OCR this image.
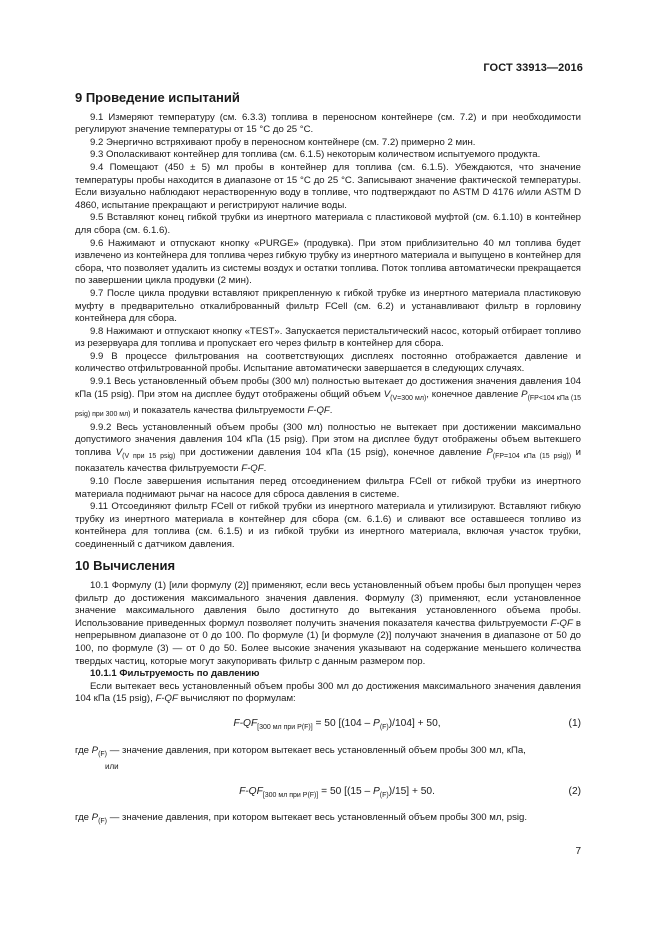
ГОСТ 33913—2016
9 Проведение испытаний

9.1 Измеряют температуру (см. 6.3.3) топлива в переносном контейнере (см. 7.2) и при необходимости регулируют значение температуры от 15 °С до 25 °С.

9.2 Энергично встряхивают пробу в переносном контейнере (см. 7.2) примерно 2 мин.

9.3 Ополаскивают контейнер для топлива (см. 6.1.5) некоторым количеством испытуемого продукта.

9.4 Помещают (450 ± 5) мл пробы в контейнер для топлива (см. 6.1.5). Убеждаются, что значение температуры пробы находится в диапазоне от 15 °С до 25 °С. Записывают значение фактической температуры. Если визуально наблюдают нерастворенную воду в топливе, что подтверждают по ASTM D 4176 и/или ASTM D 4860, испытание прекращают и регистрируют наличие воды.

9.5 Вставляют конец гибкой трубки из инертного материала с пластиковой муфтой (см. 6.1.10) в контейнер для сбора (см. 6.1.6).

9.6 Нажимают и отпускают кнопку «PURGE» (продувка). При этом приблизительно 40 мл топлива будет извлечено из контейнера для топлива через гибкую трубку из инертного материала и выпущено в контейнер для сбора, что позволяет удалить из системы воздух и остатки топлива. Поток топлива автоматически прекращается по завершении цикла продувки (2 мин).

9.7 После цикла продувки вставляют прикрепленную к гибкой трубке из инертного материала пластиковую муфту в предварительно откалиброванный фильтр FCell (см. 6.2) и устанавливают фильтр в горловину контейнера для сбора.

9.8 Нажимают и отпускают кнопку «TEST». Запускается перистальтический насос, который отбирает топливо из резервуара для топлива и пропускает его через фильтр в контейнер для сбора.

9.9 В процессе фильтрования на соответствующих дисплеях постоянно отображается давление и количество отфильтрованной пробы. Испытание автоматически завершается в следующих случаях.

9.9.1 Весь установленный объем пробы (300 мл) полностью вытекает до достижения значения давления 104 кПа (15 psig). При этом на дисплее будут отображены общий объем $V_{(V=300 мл)}$, конечное давление $P_{(FP<104 кПа (15 psig) при 300 мл)}$ и показатель качества фильтруемости F-QF.

9.9.2 Весь установленный объем пробы (300 мл) полностью не вытекает при достижении максимально допустимого значения давления 104 кПа (15 psig). При этом на дисплее будут отображены объем вытекшего топлива $V_{(V при 15 psig)}$ при достижении давления 104 кПа (15 psig), конечное давление $P_{(FP=104 кПа (15 psig))}$ и показатель качества фильтруемости F-QF.

9.10 После завершения испытания перед отсоединением фильтра FCell от гибкой трубки из инертного материала поднимают рычаг на насосе для сброса давления в системе.

9.11 Отсоединяют фильтр FCell от гибкой трубки из инертного материала и утилизируют. Вставляют гибкую трубку из инертного материала в контейнер для сбора (см. 6.1.6) и сливают все оставшееся топливо из контейнера для топлива (см. 6.1.5) и из гибкой трубки из инертного материала, включая участок трубки, соединенный с датчиком давления.

10 Вычисления

10.1 Формулу (1) [или формулу (2)] применяют, если весь установленный объем пробы был пропущен через фильтр до достижения максимального значения давления. Формулу (3) применяют, если установленное значение максимального давления было достигнуто до вытекания установленного объема пробы. Использование приведенных формул позволяет получить значения показателя качества фильтруемости F-QF в непрерывном диапазоне от 0 до 100. По формуле (1) [и формуле (2)] получают значения в диапазоне от 50 до 100, по формуле (3) — от 0 до 50. Более высокие значения указывают на содержание меньшего количества твердых частиц, которые могут закупоривать фильтр с данным размером пор.

10.1.1 Фильтруемость по давлению

Если вытекает весь установленный объем пробы 300 мл до достижения максимального значения давления 104 кПа (15 psig), F-QF вычисляют по формулам:

$F-QF_{[300 мл при P(F)]} = 50$ $[(104 - P_{(F)})/104] + 50$,	(1)

где $P_{(F)}$ — значение давления, при котором вытекает весь установленный объем пробы 300 мл, кПа,

или

$F-QF_{[300 мл при P(F)]} = 50$ $[(15 - P_{(F)})/15] + 50$.	(2)

где $P_{(F)}$ — значение давления, при котором вытекает весь установленный объем пробы 300 мл, psig.

7
